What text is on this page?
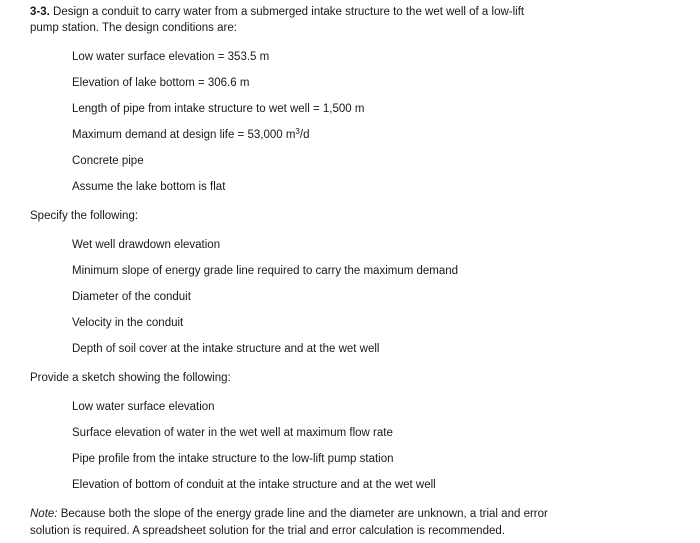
3-3. Design a conduit to carry water from a submerged intake structure to the wet well of a low-lift
pump station. The design conditions are:
Low water surface elevation = 353.5 m
Elevation of lake bottom = 306.6 m
Length of pipe from intake structure to wet well = 1,500 m
Maximum demand at design life = 53,000 $m^3/d$
Concrete pipe
Assume the lake bottom is flat
Specify the following:
Wet well drawdown elevation
Minimum slope of energy grade line required to carry the maximum demand
Diameter of the conduit
Velocity in the conduit
Depth of soil cover at the intake structure and at the wet well
Provide a sketch showing the following:
Low water surface elevation
Surface elevation of water in the wet well at maximum flow rate
Pipe profile from the intake structure to the low-lift pump station
Elevation of bottom of conduit at the intake structure and at the wet well
Note: Because both the slope of the energy grade line and the diameter are unknown, a trial and error
solution is required. A spreadsheet solution for the trial and error calculation is recommended.
